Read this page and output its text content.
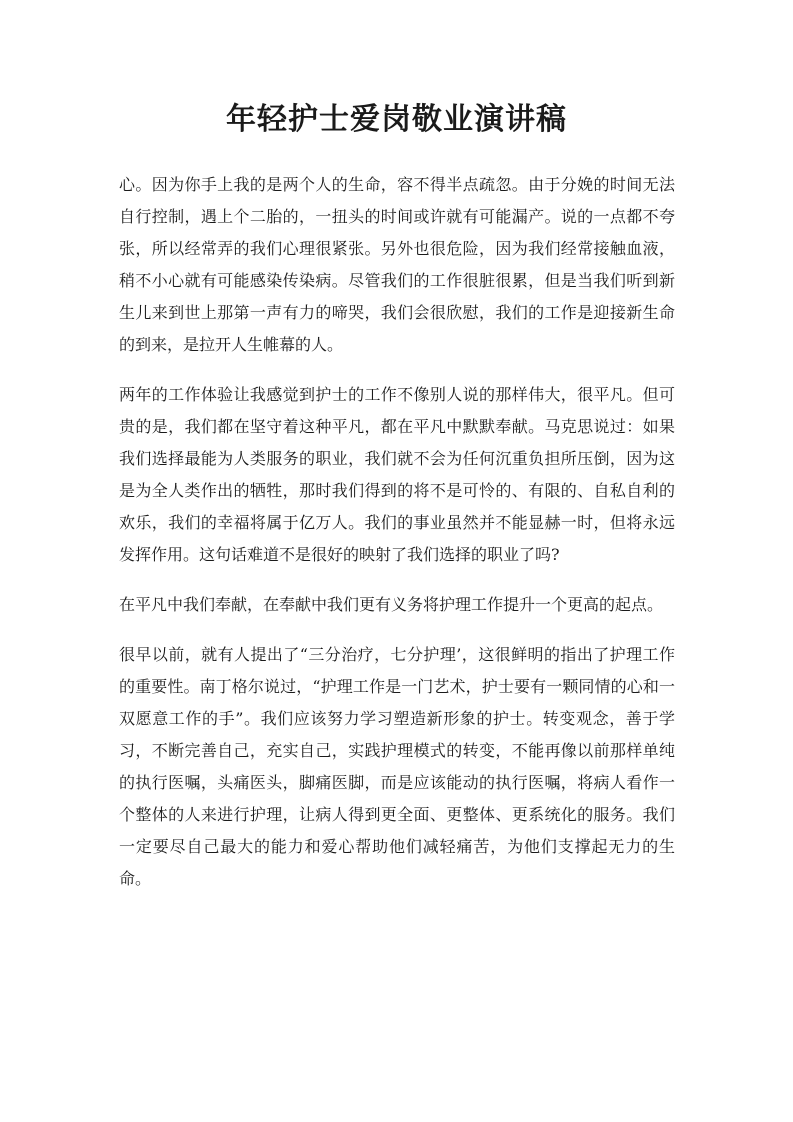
年轻护士爱岗敬业演讲稿

心。因为你手上我的是两个人的生命，容不得半点疏忽。由于分娩的时间无法自行控制，遇上个二胎的，一扭头的时间或许就有可能漏产。说的一点都不夸张，所以经常弄的我们心理很紧张。另外也很危险，因为我们经常接触血液，稍不小心就有可能感染传染病。尽管我们的工作很脏很累，但是当我们听到新生儿来到世上那第一声有力的啼哭，我们会很欣慰，我们的工作是迎接新生命的到来，是拉开人生帷幕的人。

两年的工作体验让我感觉到护士的工作不像别人说的那样伟大，很平凡。但可贵的是，我们都在坚守着这种平凡，都在平凡中默默奉献。马克思说过：如果我们选择最能为人类服务的职业，我们就不会为任何沉重负担所压倒，因为这是为全人类作出的牺牲，那时我们得到的将不是可怜的、有限的、自私自利的欢乐，我们的幸福将属于亿万人。我们的事业虽然并不能显赫一时，但将永远发挥作用。这句话难道不是很好的映射了我们选择的职业了吗?

在平凡中我们奉献，在奉献中我们更有义务将护理工作提升一个更高的起点。

很早以前，就有人提出了“三分治疗，七分护理’，这很鲜明的指出了护理工作的重要性。南丁格尔说过，“护理工作是一门艺术，护士要有一颗同情的心和一双愿意工作的手”。我们应该努力学习塑造新形象的护士。转变观念，善于学习，不断完善自己，充实自己，实践护理模式的转变，不能再像以前那样单纯的执行医嘱，头痛医头，脚痛医脚，而是应该能动的执行医嘱，将病人看作一个整体的人来进行护理，让病人得到更全面、更整体、更系统化的服务。我们一定要尽自己最大的能力和爱心帮助他们减轻痛苦，为他们支撑起无力的生命。
